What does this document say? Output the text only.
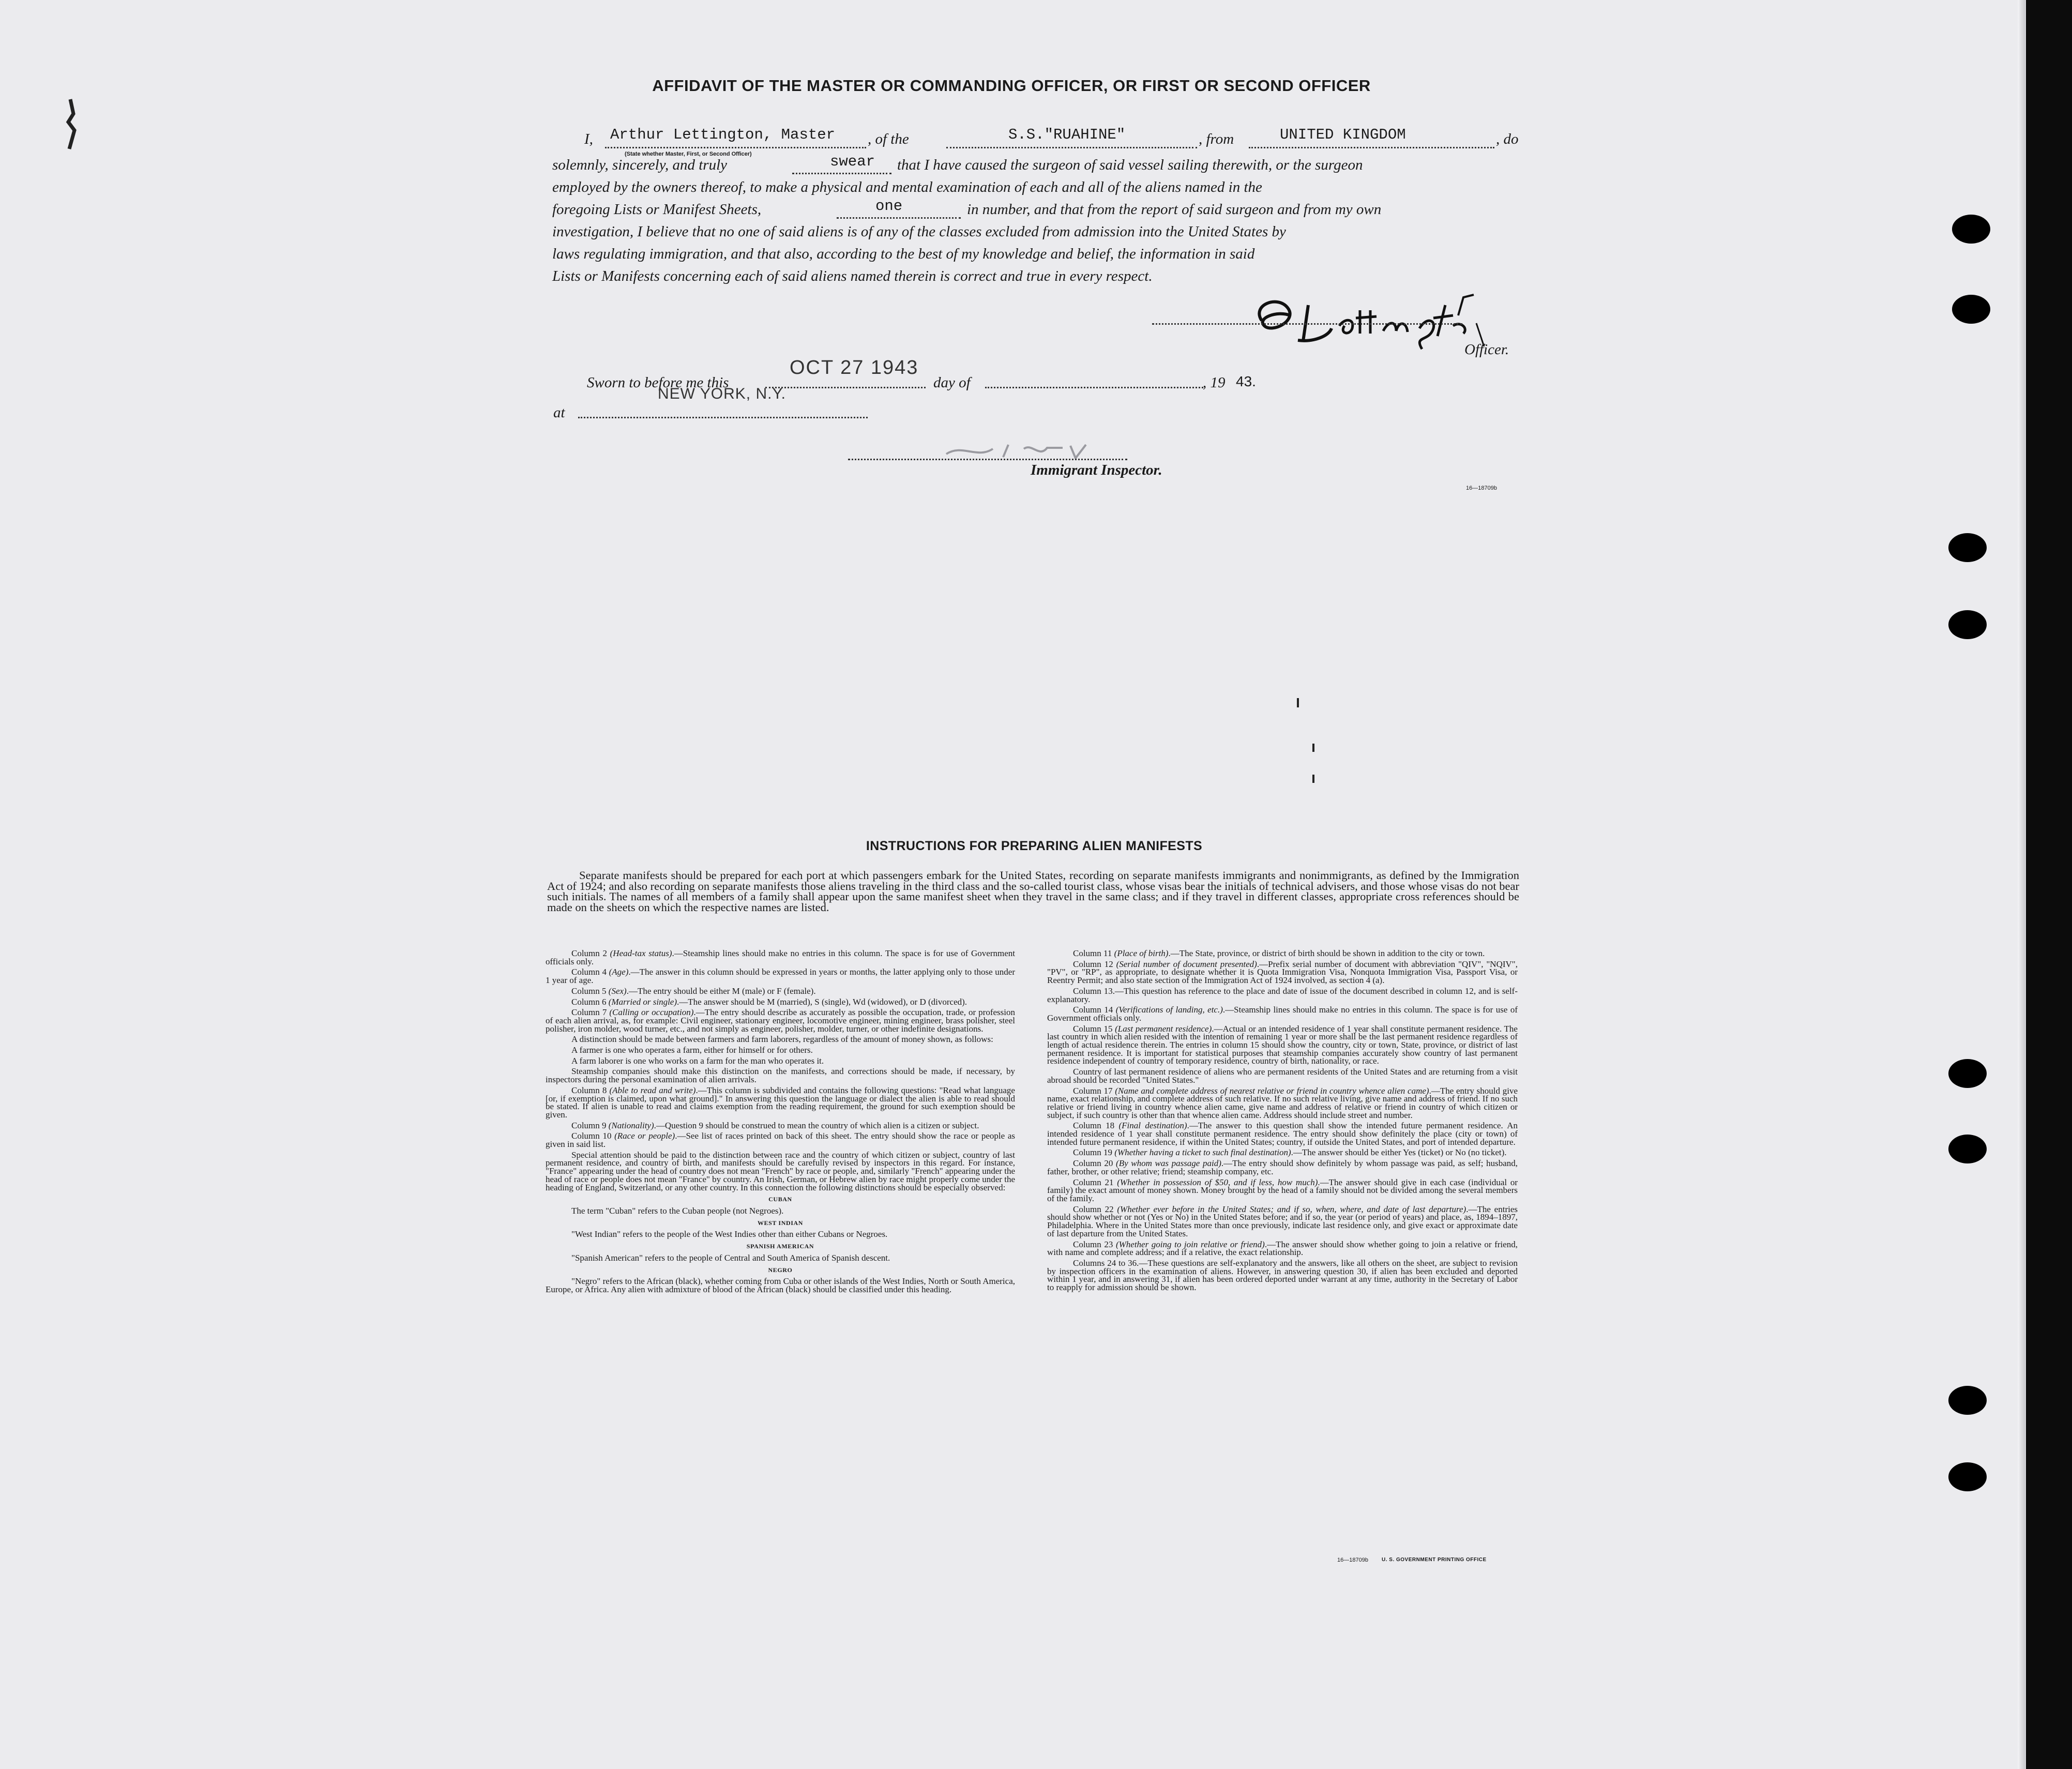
AFFIDAVIT OF THE MASTER OR COMMANDING OFFICER, OR FIRST OR SECOND OFFICER
I, Arthur Lettington, Master
(State whether Master, First, or Second Officer)
, of the	S.S."RUAHINE"	, from	UNITED KINGDOM	, do
solemnly, sincerely, and truly	swear that I have caused the surgeon of said vessel sailing therewith, or the surgeon
employed by the owners thereof, to make a physical and mental examination of each and all of the aliens named in the
foregoing Lists or Manifest Sheets,	one	in number, and that from the report of said surgeon and from my own
investigation, I believe that no one of said aliens is of any of the classes excluded from admission into the United States by
laws regulating immigration, and that also, according to the best of my knowledge and belief, the information in said
Lists or Manifests concerning each of said aliens named therein is correct and true in every respect.
Officer.
Sworn to before me this
OCT 27 1943
NEW YORK, N.Y.
day of	, 19 43.
at
Immigrant Inspector.
16—18709b
INSTRUCTIONS FOR PREPARING ALIEN MANIFESTS
Separate manifests should be prepared for each port at which passengers embark for the United States, recording on separate manifests immigrants and nonimmigrants, as defined by the Immigration Act of 1924; and also recording on separate manifests those aliens traveling in the third class and the so-called tourist class, whose visas bear the initials of technical advisers, and those whose visas do not bear such initials. The names of all members of a family shall appear upon the same manifest sheet when they travel in the same class; and if they travel in different classes, appropriate cross references should be made on the sheets on which the respective names are listed.

Column 2 (Head-tax status).—Steamship lines should make no entries in this column. The space is for use of Government officials only.

Column 4 (Age).—The answer in this column should be expressed in years or months, the latter applying only to those under 1 year of age.

Column 5 (Sex).—The entry should be either M (male) or F (female).

Column 6 (Married or single).—The answer should be M (married), S (single), Wd (widowed), or D (divorced).

Column 7 (Calling or occupation).—The entry should describe as accurately as possible the occupation, trade, or profession of each alien arrival, as, for example: Civil engineer, stationary engineer, locomotive engineer, mining engineer, brass polisher, steel polisher, iron molder, wood turner, etc., and not simply as engineer, polisher, molder, turner, or other indefinite designations.

A distinction should be made between farmers and farm laborers, regardless of the amount of money shown, as follows:

A farmer is one who operates a farm, either for himself or for others.

A farm laborer is one who works on a farm for the man who operates it.

Steamship companies should make this distinction on the manifests, and corrections should be made, if necessary, by inspectors during the personal examination of alien arrivals.

Column 8 (Able to read and write).—This column is subdivided and contains the following questions: "Read what language [or, if exemption is claimed, upon what ground]." In answering this question the language or dialect the alien is able to read should be stated. If alien is unable to read and claims exemption from the reading requirement, the ground for such exemption should be given.

Column 9 (Nationality).—Question 9 should be construed to mean the country of which alien is a citizen or subject.

Column 10 (Race or people).—See list of races printed on back of this sheet. The entry should show the race or people as given in said list.

Special attention should be paid to the distinction between race and the country of which citizen or subject, country of last permanent residence, and country of birth, and manifests should be carefully revised by inspectors in this regard. For instance, "France" appearing under the head of country does not mean "French" by race or people, and, similarly "French" appearing under the head of race or people does not mean "France" by country. An Irish, German, or Hebrew alien by race might properly come under the heading of England, Switzerland, or any other country. In this connection the following distinctions should be especially observed:

CUBAN

The term "Cuban" refers to the Cuban people (not Negroes).

WEST INDIAN

"West Indian" refers to the people of the West Indies other than either Cubans or Negroes.

SPANISH AMERICAN

"Spanish American" refers to the people of Central and South America of Spanish descent.

NEGRO

"Negro" refers to the African (black), whether coming from Cuba or other islands of the West Indies, North or South America, Europe, or Africa. Any alien with admixture of blood of the African (black) should be classified under this heading.

Column 11 (Place of birth).—The State, province, or district of birth should be shown in addition to the city or town.

Column 12 (Serial number of document presented).—Prefix serial number of document with abbreviation "QIV", "NQIV", "PV", or "RP", as appropriate, to designate whether it is Quota Immigration Visa, Nonquota Immigration Visa, Passport Visa, or Reentry Permit; and also state section of the Immigration Act of 1924 involved, as section 4 (a).

Column 13.—This question has reference to the place and date of issue of the document described in column 12, and is self-explanatory.

Column 14 (Verifications of landing, etc.).—Steamship lines should make no entries in this column. The space is for use of Government officials only.

Column 15 (Last permanent residence).—Actual or an intended residence of 1 year shall constitute permanent residence. The last country in which alien resided with the intention of remaining 1 year or more shall be the last permanent residence regardless of length of actual residence therein. The entries in column 15 should show the country, city or town, State, province, or district of last permanent residence. It is important for statistical purposes that steamship companies accurately show country of last permanent residence independent of country of temporary residence, country of birth, nationality, or race.

Country of last permanent residence of aliens who are permanent residents of the United States and are returning from a visit abroad should be recorded "United States."

Column 17 (Name and complete address of nearest relative or friend in country whence alien came).—The entry should give name, exact relationship, and complete address of such relative. If no such relative living, give name and address of friend. If no such relative or friend living in country whence alien came, give name and address of relative or friend in country of which citizen or subject, if such country is other than that whence alien came. Address should include street and number.

Column 18 (Final destination).—The answer to this question shall show the intended future permanent residence. An intended residence of 1 year shall constitute permanent residence. The entry should show definitely the place (city or town) of intended future permanent residence, if within the United States; country, if outside the United States, and port of intended departure.

Column 19 (Whether having a ticket to such final destination).—The answer should be either Yes (ticket) or No (no ticket).

Column 20 (By whom was passage paid).—The entry should show definitely by whom passage was paid, as self; husband, father, brother, or other relative; friend; steamship company, etc.

Column 21 (Whether in possession of $50, and if less, how much).—The answer should give in each case (individual or family) the exact amount of money shown. Money brought by the head of a family should not be divided among the several members of the family.

Column 22 (Whether ever before in the United States; and if so, when, where, and date of last departure).—The entries should show whether or not (Yes or No) in the United States before; and if so, the year (or period of years) and place, as, 1894–1897, Philadelphia. Where in the United States more than once previously, indicate last residence only, and give exact or approximate date of last departure from the United States.

Column 23 (Whether going to join relative or friend).—The answer should show whether going to join a relative or friend, with name and complete address; and if a relative, the exact relationship.

Columns 24 to 36.—These questions are self-explanatory and the answers, like all others on the sheet, are subject to revision by inspection officers in the examination of aliens. However, in answering question 30, if alien has been excluded and deported within 1 year, and in answering 31, if alien has been ordered deported under warrant at any time, authority in the Secretary of Labor to reapply for admission should be shown.

16—18709b	U. S. GOVERNMENT PRINTING OFFICE
